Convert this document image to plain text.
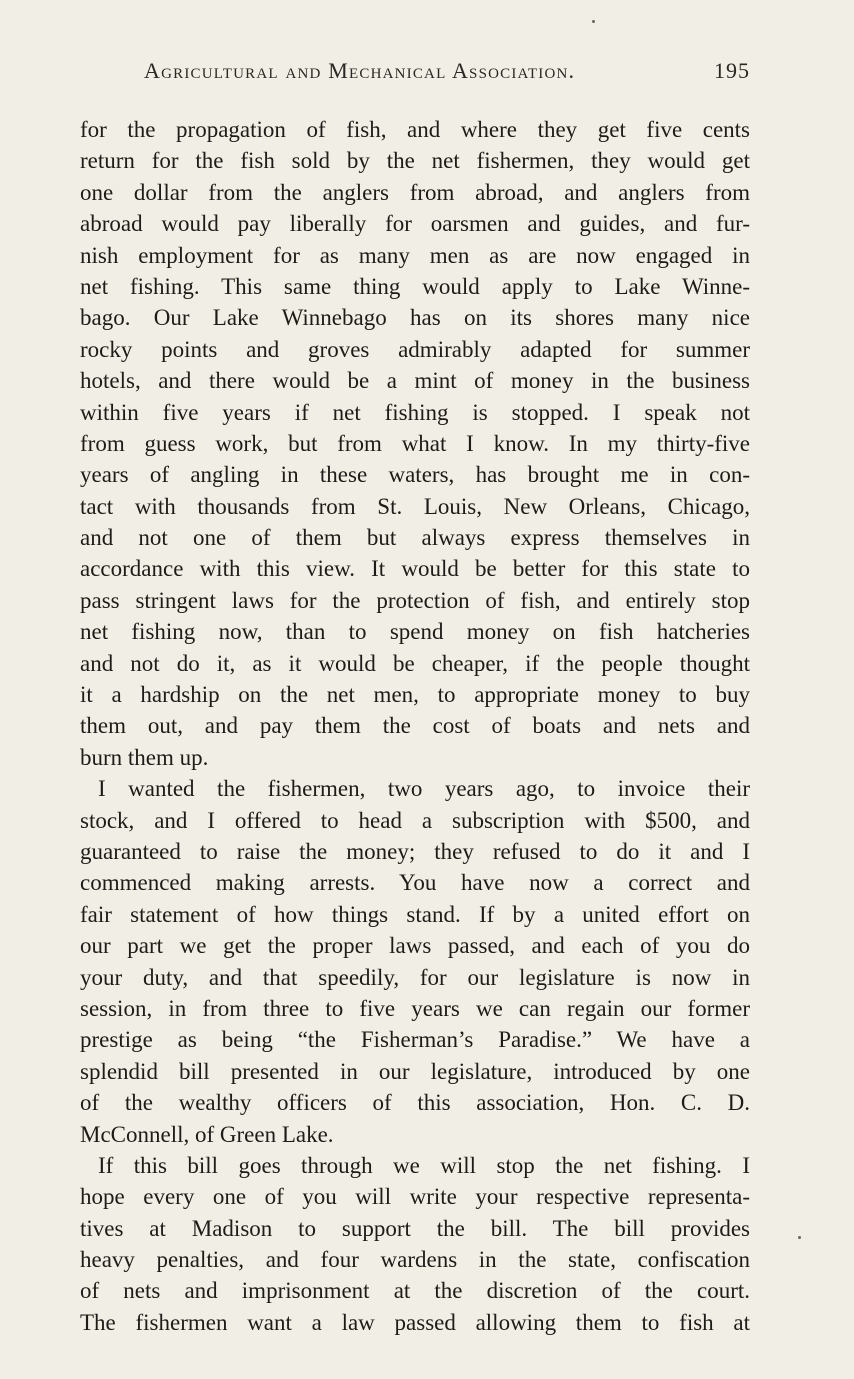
Agricultural and Mechanical Association.	195
for the propagation of fish, and where they get five cents
return for the fish sold by the net fishermen, they would get
one dollar from the anglers from abroad, and anglers from
abroad would pay liberally for oarsmen and guides, and fur-
nish employment for as many men as are now engaged in
net fishing. This same thing would apply to Lake Winne-
bago. Our Lake Winnebago has on its shores many nice
rocky points and groves admirably adapted for summer
hotels, and there would be a mint of money in the business
within five years if net fishing is stopped. I speak not
from guess work, but from what I know. In my thirty-five
years of angling in these waters, has brought me in con-
tact with thousands from St. Louis, New Orleans, Chicago,
and not one of them but always express themselves in
accordance with this view. It would be better for this state to
pass stringent laws for the protection of fish, and entirely stop
net fishing now, than to spend money on fish hatcheries
and not do it, as it would be cheaper, if the people thought
it a hardship on the net men, to appropriate money to buy
them out, and pay them the cost of boats and nets and
burn them up.
I wanted the fishermen, two years ago, to invoice their
stock, and I offered to head a subscription with $500, and
guaranteed to raise the money; they refused to do it and I
commenced making arrests. You have now a correct and
fair statement of how things stand. If by a united effort on
our part we get the proper laws passed, and each of you do
your duty, and that speedily, for our legislature is now in
session, in from three to five years we can regain our former
prestige as being “the Fisherman’s Paradise.” We have a
splendid bill presented in our legislature, introduced by one
of the wealthy officers of this association, Hon. C. D.
McConnell, of Green Lake.
If this bill goes through we will stop the net fishing. I
hope every one of you will write your respective representa-
tives at Madison to support the bill. The bill provides
heavy penalties, and four wardens in the state, confiscation
of nets and imprisonment at the discretion of the court.
The fishermen want a law passed allowing them to fish at
